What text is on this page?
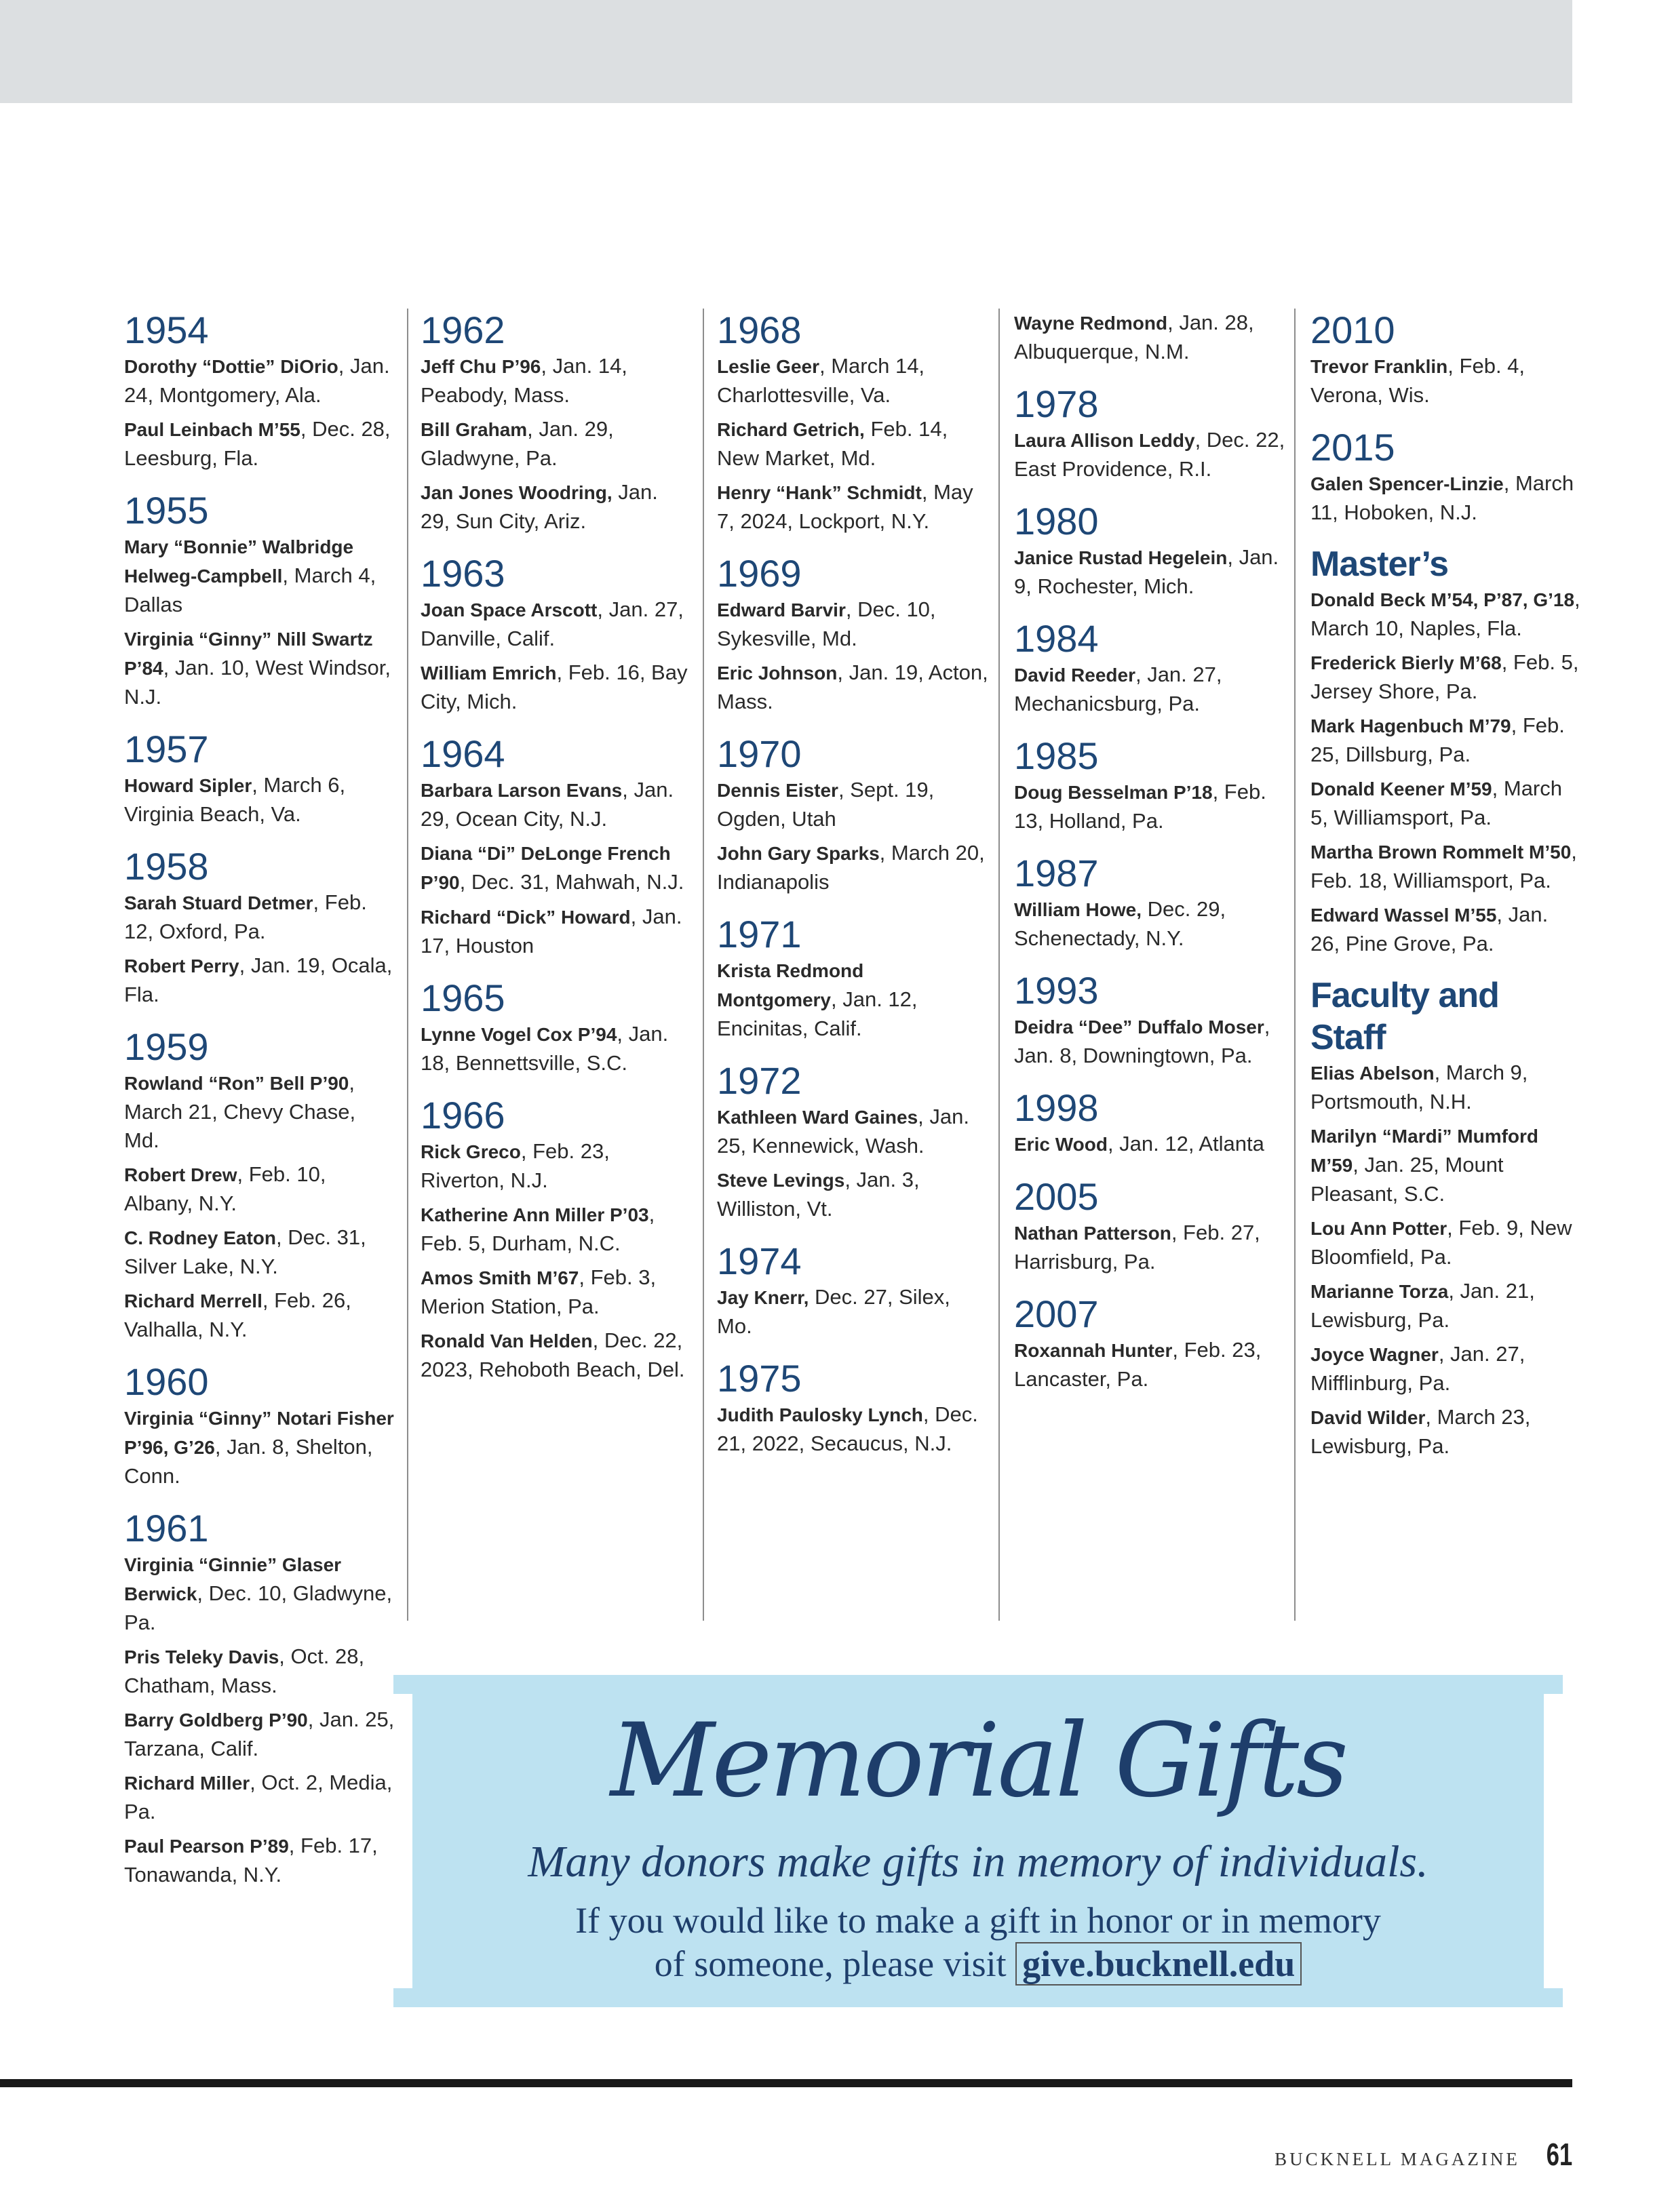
1954

Dorothy “Dottie” DiOrio, Jan. 24, Montgomery, Ala.

Paul Leinbach M’55, Dec. 28, Leesburg, Fla.

1955

Mary “Bonnie” Walbridge Helweg-Campbell, March 4, Dallas

Virginia “Ginny” Nill Swartz P’84, Jan. 10, West Windsor, N.J.

1957

Howard Sipler, March 6, Virginia Beach, Va.

1958

Sarah Stuard Detmer, Feb. 12, Oxford, Pa.

Robert Perry, Jan. 19, Ocala, Fla.

1959

Rowland “Ron” Bell P’90, March 21, Chevy Chase, Md.

Robert Drew, Feb. 10, Albany, N.Y.

C. Rodney Eaton, Dec. 31, Silver Lake, N.Y.

Richard Merrell, Feb. 26, Valhalla, N.Y.

1960

Virginia “Ginny” Notari Fisher P’96, G’26, Jan. 8, Shelton, Conn.

1961

Virginia “Ginnie” Glaser Berwick, Dec. 10, Gladwyne, Pa.

Pris Teleky Davis, Oct. 28, Chatham, Mass.

Barry Goldberg P’90, Jan. 25, Tarzana, Calif.

Richard Miller, Oct. 2, Media, Pa.

Paul Pearson P’89, Feb. 17, Tonawanda, N.Y.

1962

Jeff Chu P’96, Jan. 14, Peabody, Mass.

Bill Graham, Jan. 29, Gladwyne, Pa.

Jan Jones Woodring, Jan. 29, Sun City, Ariz.

1963

Joan Space Arscott, Jan. 27, Danville, Calif.

William Emrich, Feb. 16, Bay City, Mich.

1964

Barbara Larson Evans, Jan. 29, Ocean City, N.J.

Diana “Di” DeLonge French P’90, Dec. 31, Mahwah, N.J.

Richard “Dick” Howard, Jan. 17, Houston

1965

Lynne Vogel Cox P’94, Jan. 18, Bennettsville, S.C.

1966

Rick Greco, Feb. 23, Riverton, N.J.

Katherine Ann Miller P’03, Feb. 5, Durham, N.C.

Amos Smith M’67, Feb. 3, Merion Station, Pa.

Ronald Van Helden, Dec. 22, 2023, Rehoboth Beach, Del.

1968

Leslie Geer, March 14, Charlottesville, Va.

Richard Getrich, Feb. 14, New Market, Md.

Henry “Hank” Schmidt, May 7, 2024, Lockport, N.Y.

1969

Edward Barvir, Dec. 10, Sykesville, Md.

Eric Johnson, Jan. 19, Acton, Mass.

1970

Dennis Eister, Sept. 19, Ogden, Utah

John Gary Sparks, March 20, Indianapolis

1971

Krista Redmond Montgomery, Jan. 12, Encinitas, Calif.

1972

Kathleen Ward Gaines, Jan. 25, Kennewick, Wash.

Steve Levings, Jan. 3, Williston, Vt.

1974

Jay Knerr, Dec. 27, Silex, Mo.

1975

Judith Paulosky Lynch, Dec. 21, 2022, Secaucus, N.J.

Wayne Redmond, Jan. 28, Albuquerque, N.M.

1978

Laura Allison Leddy, Dec. 22, East Providence, R.I.

1980

Janice Rustad Hegelein, Jan. 9, Rochester, Mich.

1984

David Reeder, Jan. 27, Mechanicsburg, Pa.

1985

Doug Besselman P’18, Feb. 13, Holland, Pa.

1987

William Howe, Dec. 29, Schenectady, N.Y.

1993

Deidra “Dee” Duffalo Moser, Jan. 8, Downingtown, Pa.

1998

Eric Wood, Jan. 12, Atlanta

2005

Nathan Patterson, Feb. 27, Harrisburg, Pa.

2007

Roxannah Hunter, Feb. 23, Lancaster, Pa.

2010

Trevor Franklin, Feb. 4, Verona, Wis.

2015

Galen Spencer-Linzie, March 11, Hoboken, N.J.

Master’s

Donald Beck M’54, P’87, G’18, March 10, Naples, Fla.

Frederick Bierly M’68, Feb. 5, Jersey Shore, Pa.

Mark Hagenbuch M’79, Feb. 25, Dillsburg, Pa.

Donald Keener M’59, March 5, Williamsport, Pa.

Martha Brown Rommelt M’50, Feb. 18, Williamsport, Pa.

Edward Wassel M’55, Jan. 26, Pine Grove, Pa.

Faculty and Staff

Elias Abelson, March 9, Portsmouth, N.H.

Marilyn “Mardi” Mumford M’59, Jan. 25, Mount Pleasant, S.C.

Lou Ann Potter, Feb. 9, New Bloomfield, Pa.

Marianne Torza, Jan. 21, Lewisburg, Pa.

Joyce Wagner, Jan. 27, Mifflinburg, Pa.

David Wilder, March 23, Lewisburg, Pa.

Memorial Gifts
Many donors make gifts in memory of individuals.
If you would like to make a gift in honor or in memory
of someone, please visit give.bucknell.edu
BUCKNELL MAGAZINE 61
